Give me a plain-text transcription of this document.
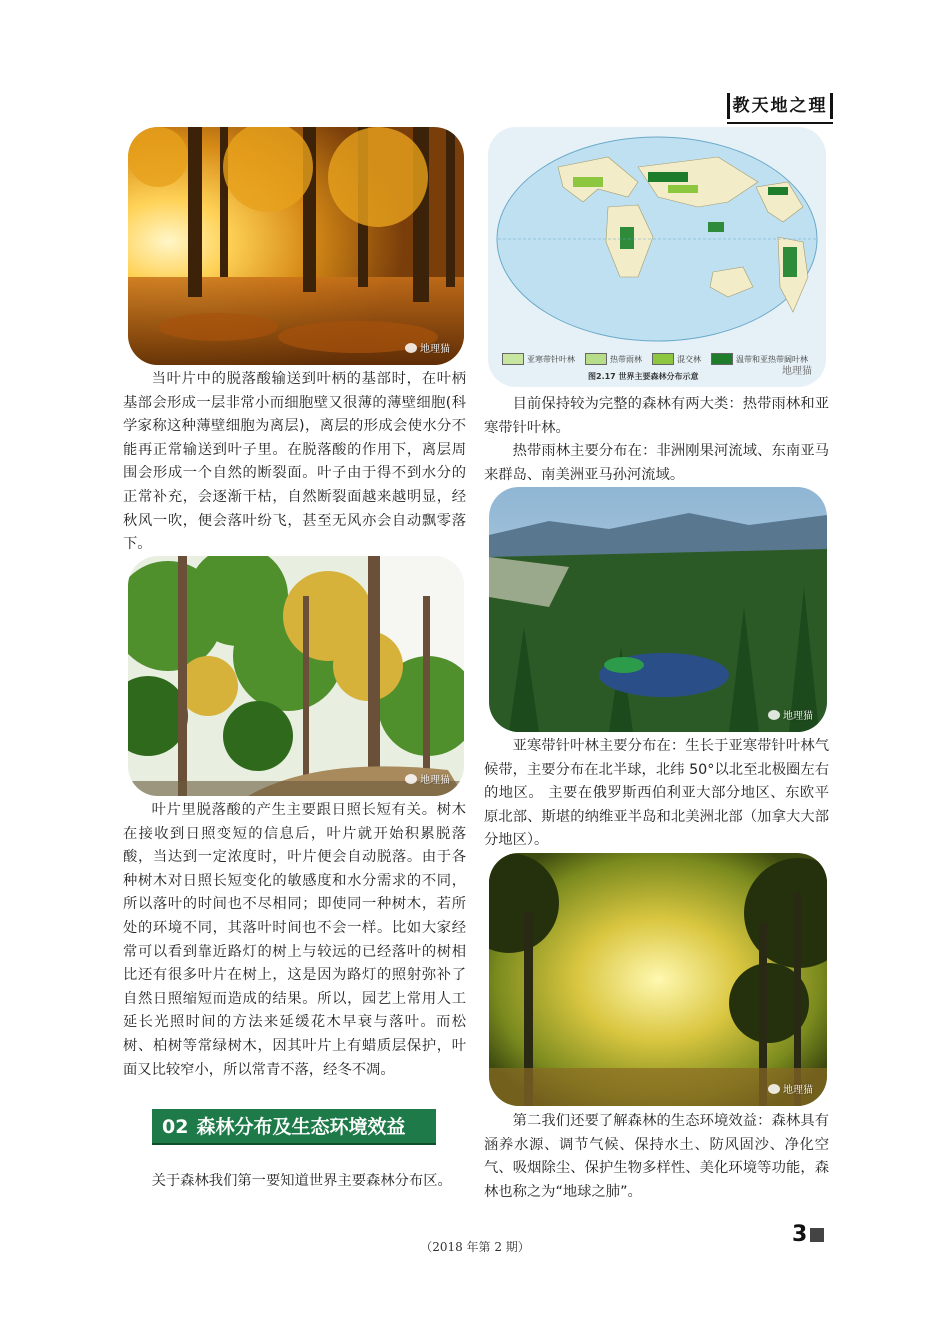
教天地之理
地理猫

当叶片中的脱落酸输送到叶柄的基部时，在叶柄基部会形成一层非常小而细胞壁又很薄的薄壁细胞(科学家称这种薄壁细胞为离层)，离层的形成会使水分不能再正常输送到叶子里。在脱落酸的作用下，离层周围会形成一个自然的断裂面。叶子由于得不到水分的正常补充，会逐渐干枯，自然断裂面越来越明显，经秋风一吹，便会落叶纷飞，甚至无风亦会自动飘零落下。

地理猫

叶片里脱落酸的产生主要跟日照长短有关。树木在接收到日照变短的信息后，叶片就开始积累脱落酸，当达到一定浓度时，叶片便会自动脱落。由于各种树木对日照长短变化的敏感度和水分需求的不同，所以落叶的时间也不尽相同；即使同一种树木，若所处的环境不同，其落叶时间也不会一样。比如大家经常可以看到靠近路灯的树上与较远的已经落叶的树相比还有很多叶片在树上，这是因为路灯的照射弥补了自然日照缩短而造成的结果。所以，园艺上常用人工延长光照时间的方法来延缓花木早衰与落叶。而松树、柏树等常绿树木，因其叶片上有蜡质层保护，叶面又比较窄小，所以常青不落，经冬不凋。

02 森林分布及生态环境效益

关于森林我们第一要知道世界主要森林分布区。

亚寒带针叶林	热带雨林	混交林	温带和亚热带阔叶林
图2.17 世界主要森林分布示意	地理猫

目前保持较为完整的森林有两大类：热带雨林和亚寒带针叶林。

热带雨林主要分布在：非洲刚果河流域、东南亚马来群岛、南美洲亚马孙河流域。

地理猫

亚寒带针叶林主要分布在：生长于亚寒带针叶林气候带，主要分布在北半球，北纬 50°以北至北极圈左右的地区。 主要在俄罗斯西伯利亚大部分地区、东欧平原北部、斯堪的纳维亚半岛和北美洲北部（加拿大大部分地区）。

地理猫

第二我们还要了解森林的生态环境效益：森林具有涵养水源、调节气候、保持水土、防风固沙、净化空气、吸烟除尘、保护生物多样性、美化环境等功能，森林也称之为“地球之肺”。

（2018 年第 2 期）	3
